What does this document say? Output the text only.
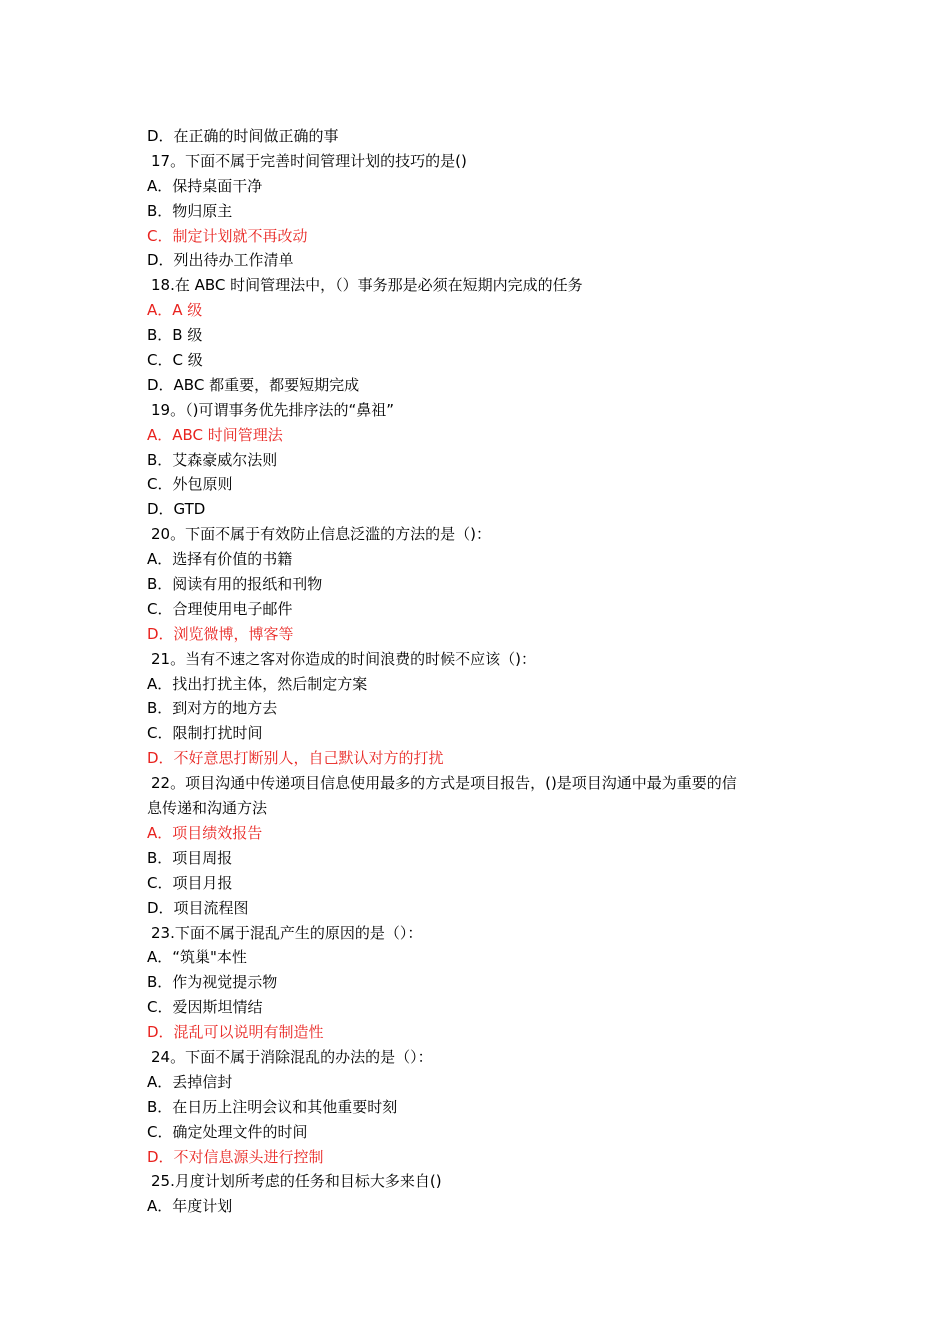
D．在正确的时间做正确的事
17。下面不属于完善时间管理计划的技巧的是()
A．保持桌面干净
B．物归原主
C．制定计划就不再改动
D．列出待办工作清单
18.在 ABC 时间管理法中，（）事务那是必须在短期内完成的任务
A．A 级
B．B 级
C．C 级
D．ABC 都重要，都要短期完成
19。（)可谓事务优先排序法的“鼻祖”
A．ABC 时间管理法
B．艾森豪威尔法则
C．外包原则
D．GTD
20。下面不属于有效防止信息泛滥的方法的是（)：
A．选择有价值的书籍
B．阅读有用的报纸和刊物
C．合理使用电子邮件
D．浏览微博，博客等
21。当有不速之客对你造成的时间浪费的时候不应该（)：
A．找出打扰主体，然后制定方案
B．到对方的地方去
C．限制打扰时间
D．不好意思打断别人，自己默认对方的打扰
22。项目沟通中传递项目信息使用最多的方式是项目报告，()是项目沟通中最为重要的信
息传递和沟通方法
A．项目绩效报告
B．项目周报
C．项目月报
D．项目流程图
23.下面不属于混乱产生的原因的是（）：
A．“筑巢"本性
B．作为视觉提示物
C．爱因斯坦情结
D．混乱可以说明有制造性
24。下面不属于消除混乱的办法的是（）：
A．丢掉信封
B．在日历上注明会议和其他重要时刻
C．确定处理文件的时间
D．不对信息源头进行控制
25.月度计划所考虑的任务和目标大多来自()
A．年度计划
